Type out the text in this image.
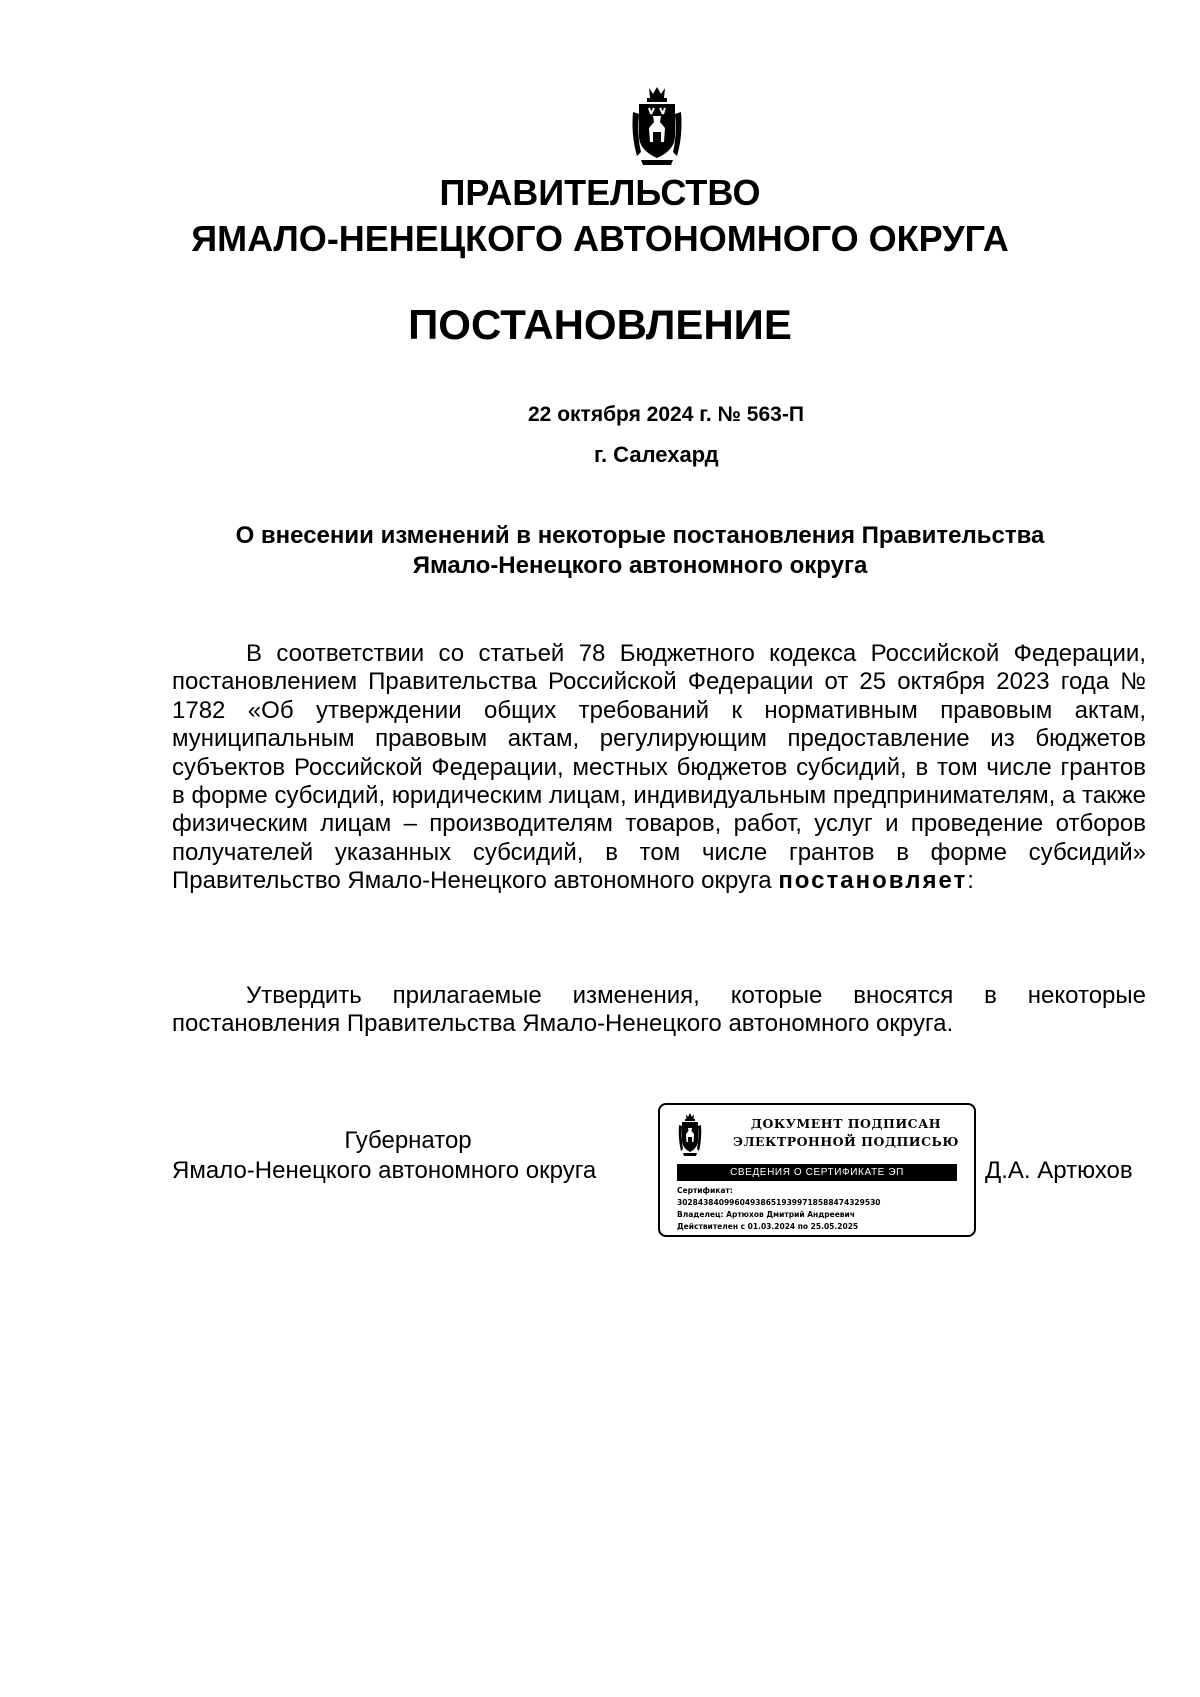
ПРАВИТЕЛЬСТВО
ЯМАЛО-НЕНЕЦКОГО АВТОНОМНОГО ОКРУГА
ПОСТАНОВЛЕНИЕ
22 октября 2024 г. № 563-П
г. Салехард
О внесении изменений в некоторые постановления Правительства
Ямало-Ненецкого автономного округа
В соответствии со статьей 78 Бюджетного кодекса Российской Федерации, постановлением Правительства Российской Федерации от 25 октября 2023 года № 1782 «Об утверждении общих требований к нормативным правовым актам, муниципальным правовым актам, регулирующим предоставление из бюджетов субъектов Российской Федерации, местных бюджетов субсидий, в том числе грантов в форме субсидий, юридическим лицам, индивидуальным предпринимателям, а также физическим лицам – производителям товаров, работ, услуг и проведение отборов получателей указанных субсидий, в том числе грантов в форме субсидий» Правительство Ямало-Ненецкого автономного округа постановляет:
Утвердить прилагаемые изменения, которые вносятся в некоторые постановления Правительства Ямало-Ненецкого автономного округа.
Губернатор
Ямало-Ненецкого автономного округа
ДОКУМЕНТ ПОДПИСАН
ЭЛЕКТРОННОЙ ПОДПИСЬЮ
СВЕДЕНИЯ О СЕРТИФИКАТЕ ЭП
Сертификат:
302843840996049386519399718588474329530
Владелец: Артюхов Дмитрий Андреевич
Действителен с 01.03.2024 по 25.05.2025
Д.А. Артюхов
